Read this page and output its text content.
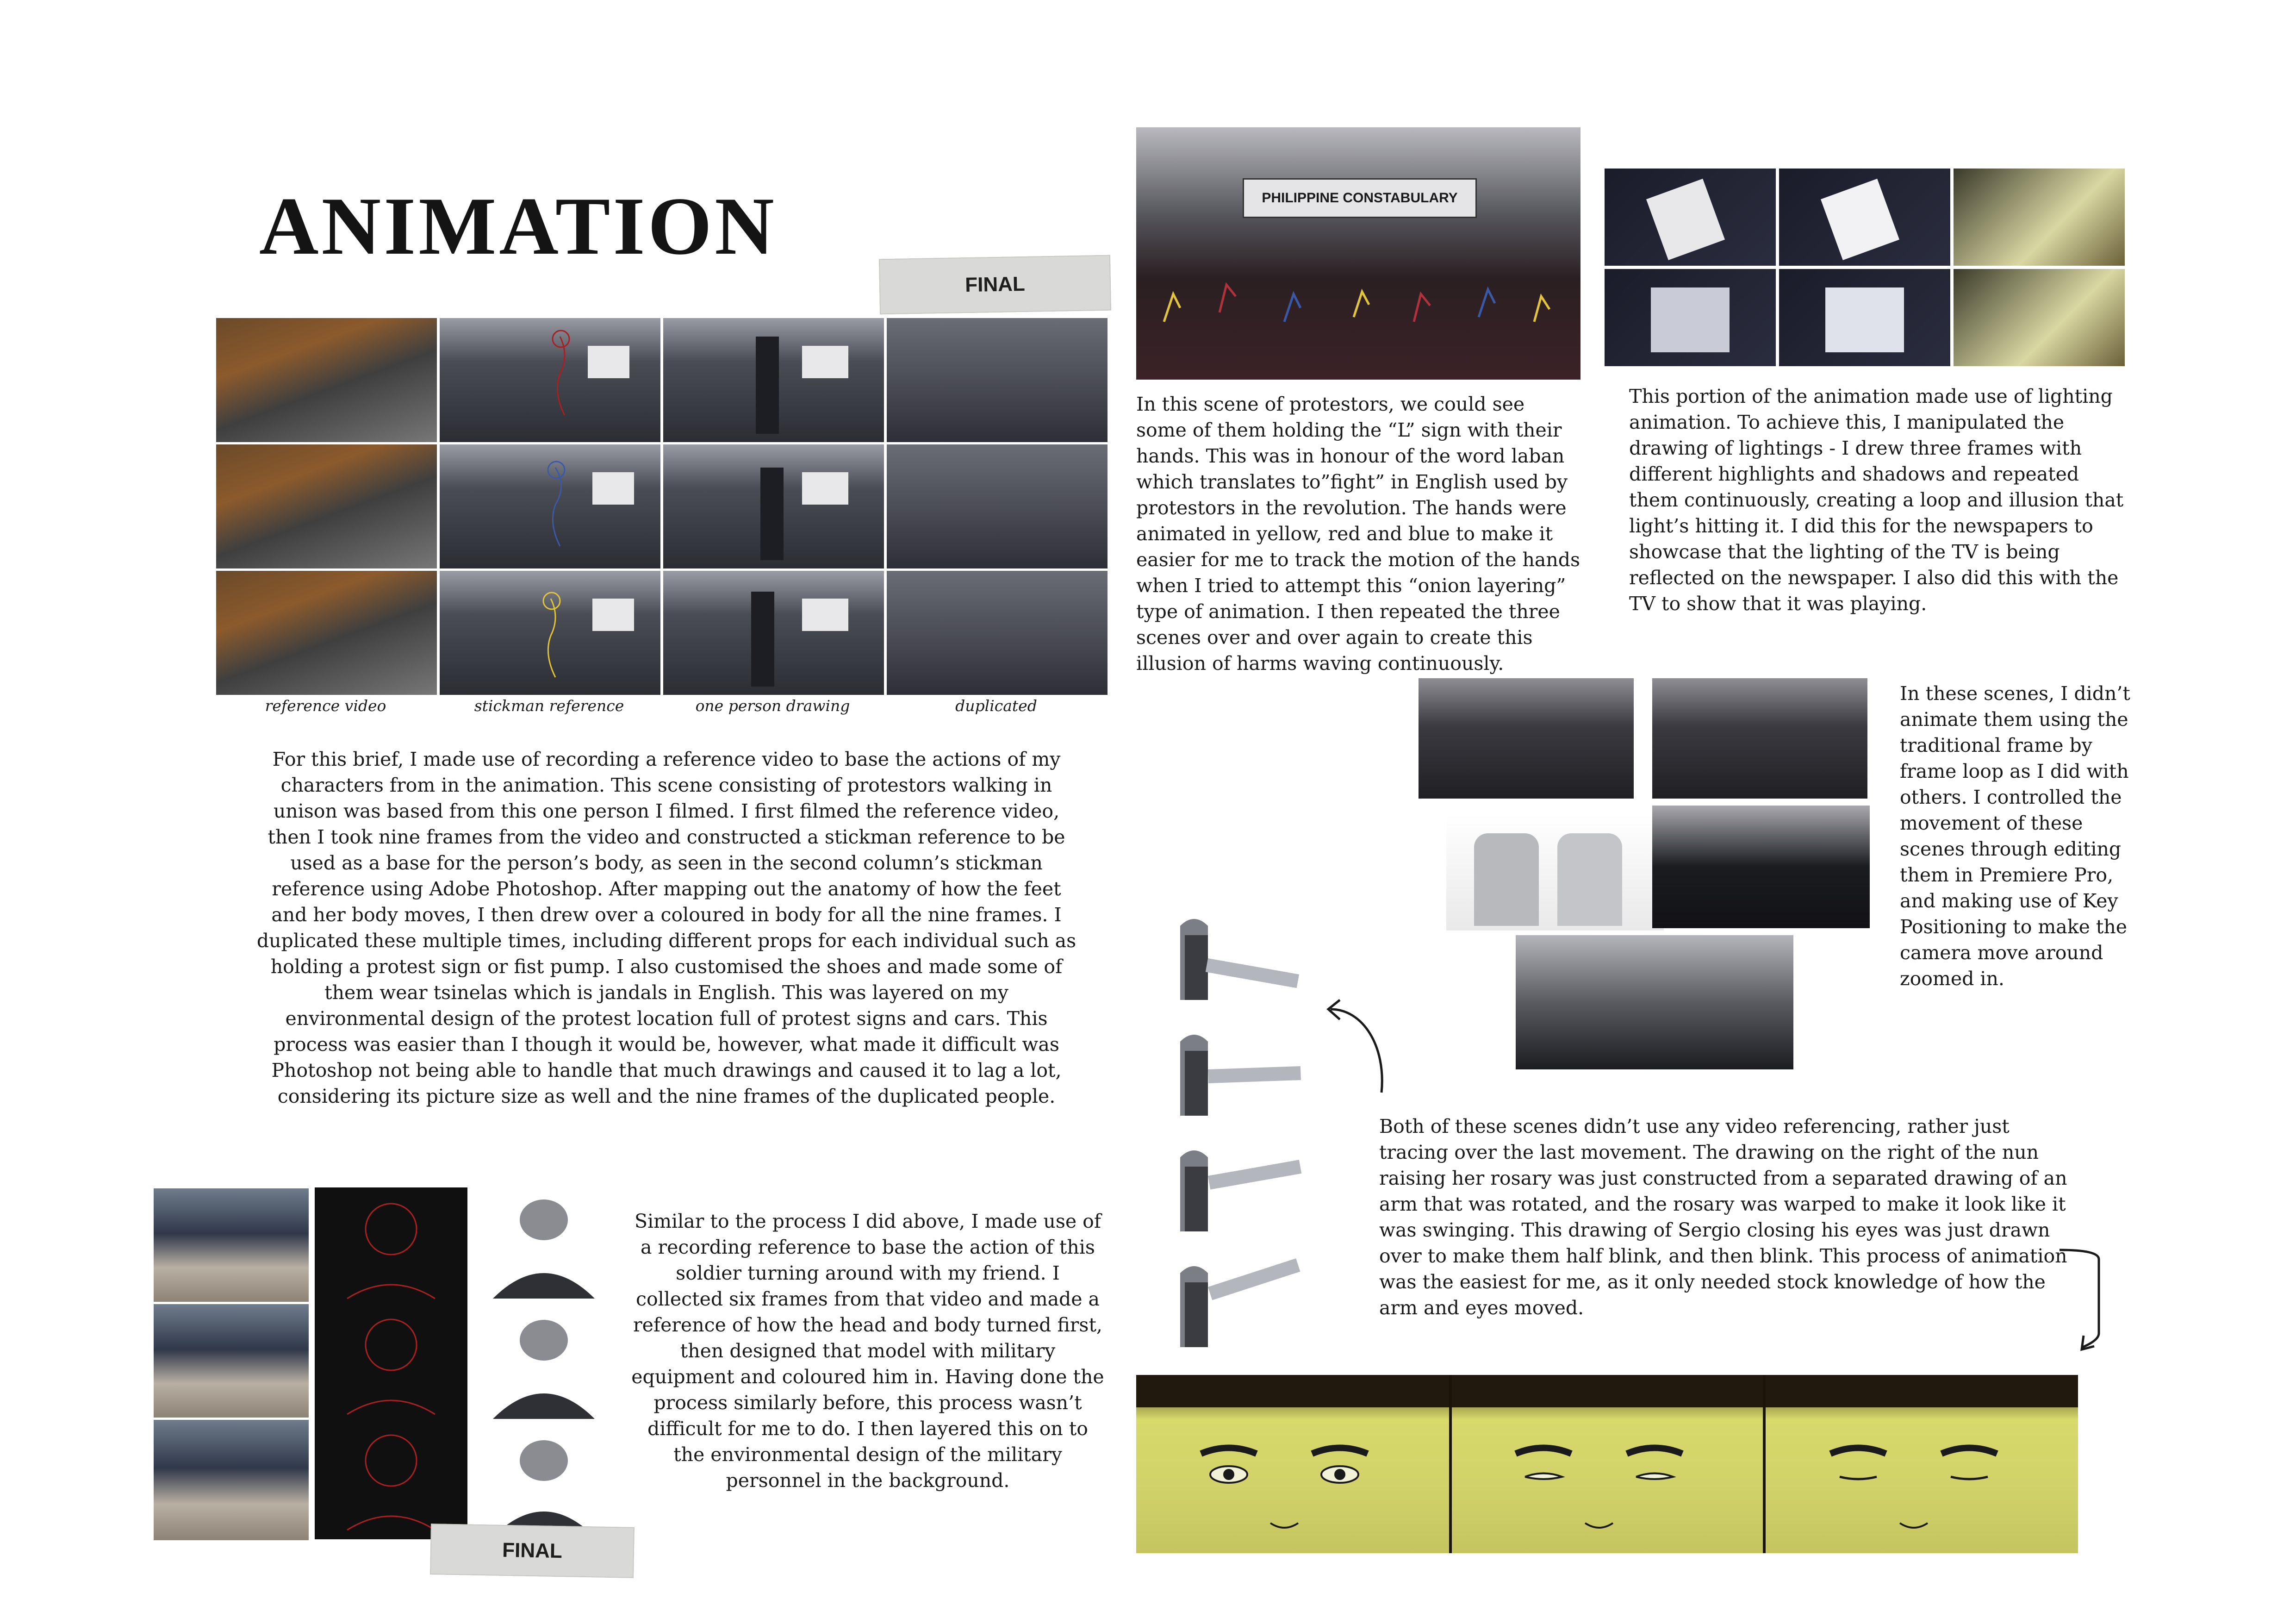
ANIMATION
FINAL
reference video	stickman reference	one person drawing	duplicated
For this brief, I made use of recording a reference video to base the actions of my characters from in the animation. This scene consisting of protestors walking in unison was based from this one person I filmed. I first filmed the reference video, then I took nine frames from the video and constructed a stickman reference to be used as a base for the person’s body, as seen in the second column’s stickman reference using Adobe Photoshop. After mapping out the anatomy of how the feet and her body moves, I then drew over a coloured in body for all the nine frames. I duplicated these multiple times, including different props for each individual such as holding a protest sign or fist pump. I also customised the shoes and made some of them wear tsinelas which is jandals in English. This was layered on my environmental design of the protest location full of protest signs and cars. This process was easier than I though it would be, however, what made it difficult was Photoshop not being able to handle that much drawings and caused it to lag a lot, considering its picture size as well and the nine frames of the duplicated people.
FINAL
Similar to the process I did above, I made use of a recording reference to base the action of this soldier turning around with my friend. I collected six frames from that video and made a reference of how the head and body turned first, then designed that model with military equipment and coloured him in. Having done the process similarly before, this process wasn’t difficult for me to do. I then layered this on to the environmental design of the military personnel in the background.
PHILIPPINE CONSTABULARY
In this scene of protestors, we could see some of them holding the “L” sign with their hands. This was in honour of the word laban which translates to”fight” in English used by protestors in the revolution. The hands were animated in yellow, red and blue to make it easier for me to track the motion of the hands when I tried to attempt this “onion layering” type of animation. I then repeated the three scenes over and over again to create this illusion of harms waving continuously.
This portion of the animation made use of lighting animation. To achieve this, I manipulated the drawing of lightings - I drew three frames with different highlights and shadows and repeated them continuously, creating a loop and illusion that light’s hitting it. I did this for the newspapers to showcase that the lighting of the TV is being reflected on the newspaper. I also did this with the TV to show that it was playing.
In these scenes, I didn’t animate them using the traditional frame by frame loop as I did with others. I controlled the movement of these scenes through editing them in Premiere Pro, and making use of Key Positioning to make the camera move around zoomed in.
Both of these scenes didn’t use any video referencing, rather just tracing over the last movement. The drawing on the right of the nun raising her rosary was just constructed from a separated drawing of an arm that was rotated, and the rosary was warped to make it look like it was swinging. This drawing of Sergio closing his eyes was just drawn over to make them half blink, and then blink. This process of animation was the easiest for me, as it only needed stock knowledge of how the arm and eyes moved.
